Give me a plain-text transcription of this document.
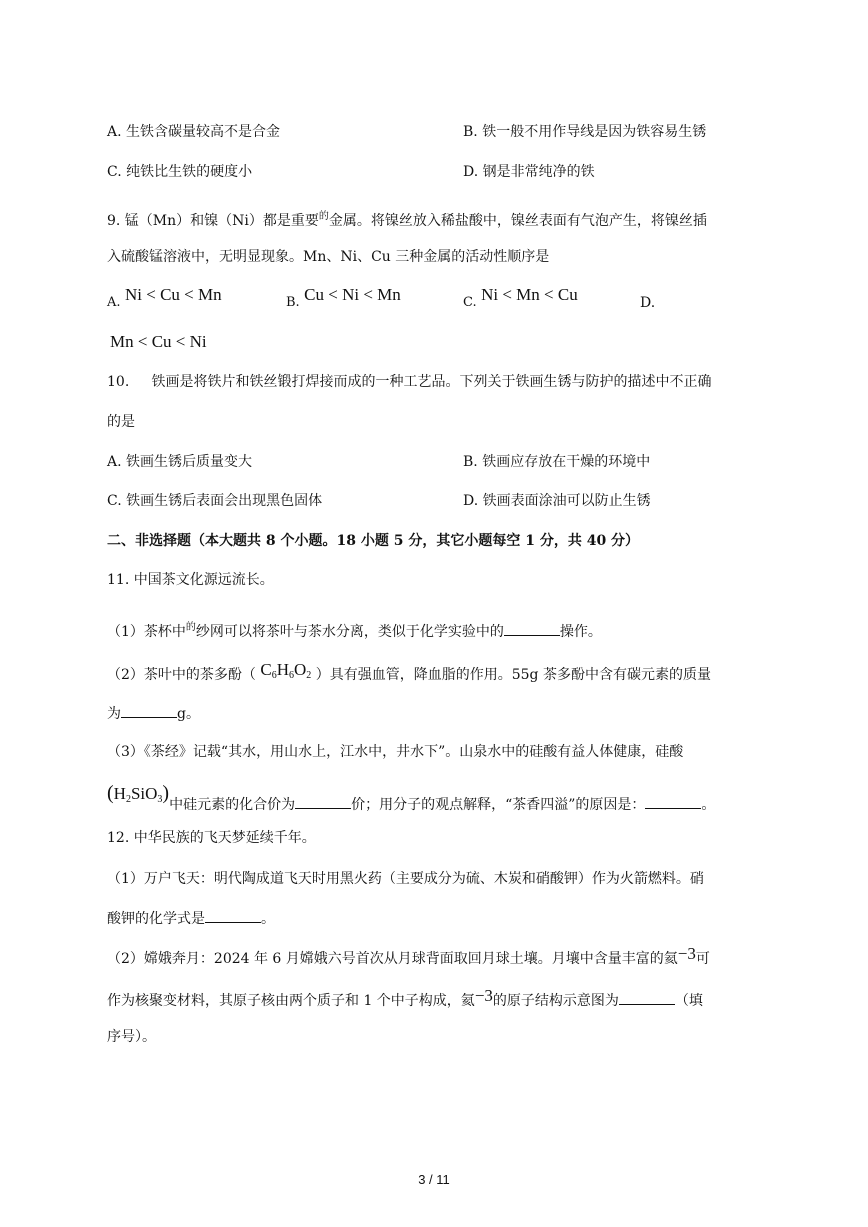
A. 生铁含碳量较高不是合金	B. 铁一般不用作导线是因为铁容易生锈
C. 纯铁比生铁的硬度小	D. 钢是非常纯净的铁
9. 锰（Mn）和镍（Ni）都是重要$^的$金属。将镍丝放入稀盐酸中，镍丝表面有气泡产生，将镍丝插
入硫酸锰溶液中，无明显现象。Mn、Ni、Cu 三种金属的活动性顺序是
A. Ni < Cu < Mn	B. Cu < Ni < Mn	C. Ni < Mn < Cu	D.
Mn < Cu < Ni
10.     铁画是将铁片和铁丝锻打焊接而成的一种工艺品。下列关于铁画生锈与防护的描述中不正确
的是
A. 铁画生锈后质量变大	B. 铁画应存放在干燥的环境中
C. 铁画生锈后表面会出现黑色固体	D. 铁画表面涂油可以防止生锈
二、非选择题（本大题共 8 个小题。18 小题 5 分，其它小题每空 1 分，共 40 分）
11. 中国茶文化源远流长。
（1）茶杯中$^的$纱网可以将茶叶与茶水分离，类似于化学实验中的	操作。
（2）茶叶中的茶多酚（ $C_6H_6O_2$ ）具有强血管，降血脂的作用。55g 茶多酚中含有碳元素的质量
为	g。
（3）《茶经》记载“其水，用山水上，江水中，井水下”。山泉水中的硅酸有益人体健康，硅酸
$(H_2SiO_3)$中硅元素的化合价为	价；用分子的观点解释，“茶香四溢”的原因是：	。
12. 中华民族的飞天梦延续千年。
（1）万户飞天：明代陶成道飞天时用黑火药（主要成分为硫、木炭和硝酸钾）作为火箭燃料。硝
酸钾的化学式是	。
（2）嫦娥奔月：2024 年 6 月嫦娥六号首次从月球背面取回月球土壤。月壤中含量丰富的氦−3可
作为核聚变材料，其原子核由两个质子和 1 个中子构成，氦−3的原子结构示意图为	（填
序号）。
3 / 11
